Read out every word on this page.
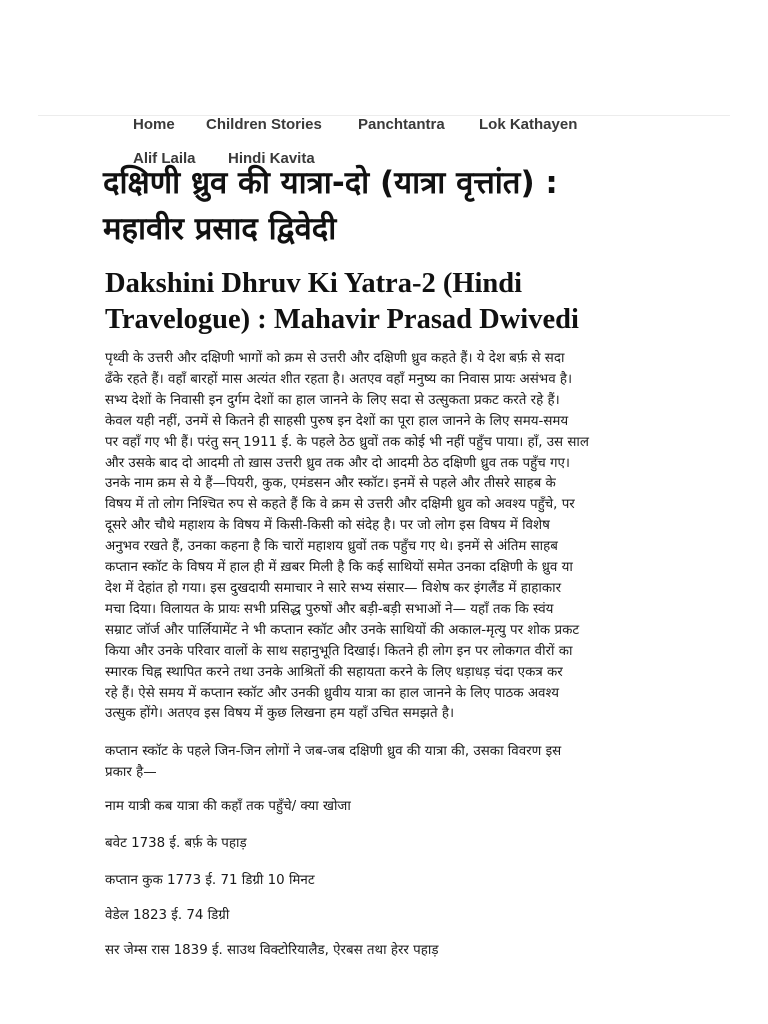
Home Children Stories Panchtantra Lok Kathayen
Alif Laila Hindi Kavita
दक्षिणी ध्रुव की यात्रा-दो (यात्रा वृत्तांत) :
महावीर प्रसाद द्विवेदी
Dakshini Dhruv Ki Yatra-2 (Hindi
Travelogue) : Mahavir Prasad Dwivedi

पृथ्वी के उत्तरी और दक्षिणी भागों को क्रम से उत्तरी और दक्षिणी ध्रुव कहते हैं। ये देश बर्फ़ से सदा

ढँके रहते हैं। वहाँ बारहों मास अत्यंत शीत रहता है। अतएव वहाँ मनुष्य का निवास प्रायः असंभव है।

सभ्य देशों के निवासी इन दुर्गम देशों का हाल जानने के लिए सदा से उत्सुकता प्रकट करते रहे हैं।

केवल यही नहीं, उनमें से कितने ही साहसी पुरुष इन देशों का पूरा हाल जानने के लिए समय-समय

पर वहाँ गए भी हैं। परंतु सन् 1911 ई. के पहले ठेठ ध्रुवों तक कोई भी नहीं पहुँच पाया। हाँ, उस साल

और उसके बाद दो आदमी तो ख़ास उत्तरी ध्रुव तक और दो आदमी ठेठ दक्षिणी ध्रुव तक पहुँच गए।

उनके नाम क्रम से ये हैं—पियरी, कुक, एमंडसन और स्कॉट। इनमें से पहले और तीसरे साहब के

विषय में तो लोग निश्चित रुप से कहते हैं कि वे क्रम से उत्तरी और दक्षिमी ध्रुव को अवश्य पहुँचे, पर

दूसरे और चौथे महाशय के विषय में किसी-किसी को संदेह है। पर जो लोग इस विषय में विशेष

अनुभव रखते हैं, उनका कहना है कि चारों महाशय ध्रुवों तक पहुँच गए थे। इनमें से अंतिम साहब

कप्तान स्कॉट के विषय में हाल ही में ख़बर मिली है कि कई साथियों समेत उनका दक्षिणी के ध्रुव या

देश में देहांत हो गया। इस दुखदायी समाचार ने सारे सभ्य संसार— विशेष कर इंगलैंड में हाहाकार

मचा दिया। विलायत के प्रायः सभी प्रसिद्ध पुरुषों और बड़ी-बड़ी सभाओं ने— यहाँ तक कि स्वंय

सम्राट जॉर्ज और पार्लियामेंट ने भी कप्तान स्कॉट और उनके साथियों की अकाल-मृत्यु पर शोक प्रकट

किया और उनके परिवार वालों के साथ सहानुभूति दिखाई। कितने ही लोग इन पर लोकगत वीरों का

स्मारक चिह्न स्थापित करने तथा उनके आश्रितों की सहायता करने के लिए धड़ाधड़ चंदा एकत्र कर

रहे हैं। ऐसे समय में कप्तान स्कॉट और उनकी ध्रुवीय यात्रा का हाल जानने के लिए पाठक अवश्य

उत्सुक होंगे। अतएव इस विषय में कुछ लिखना हम यहाँ उचित समझते है।

कप्तान स्कॉट के पहले जिन-जिन लोगों ने जब-जब दक्षिणी ध्रुव की यात्रा की, उसका विवरण इस
प्रकार है—
नाम यात्री कब यात्रा की कहाँ तक पहुँचे/ क्या खोजा
बवेट 1738 ई. बर्फ़ के पहाड़
कप्तान कुक 1773 ई. 71 डिग्री 10 मिनट
वेडेल 1823 ई. 74 डिग्री
सर जेम्स रास 1839 ई. साउथ विक्टोरियालैड, ऐरबस तथा हेरर पहाड़
